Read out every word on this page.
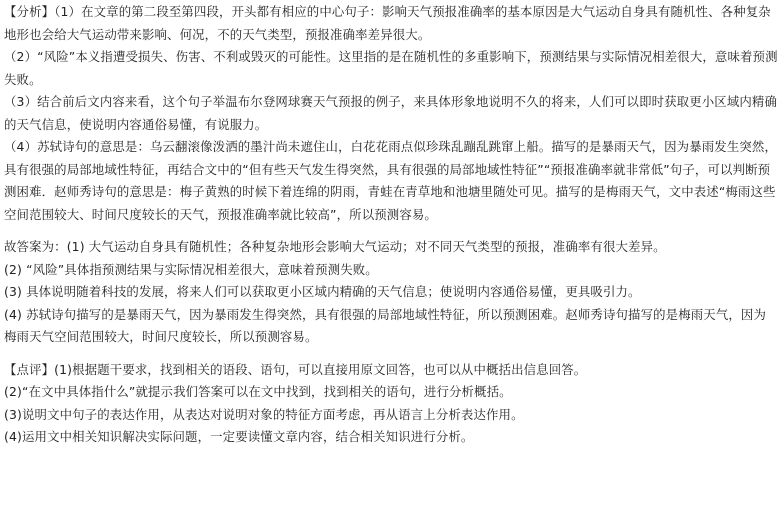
【分析】（1）在文章的第二段至第四段，开头都有相应的中心句子：影响天气预报准确率的基本原因是大气运动自身具有随机性、各种复杂地形也会给大气运动带来影响、何况，不的天气类型，预报准确率差异很大。

（2）“风险”本义指遭受损失、伤害、不利或毁灭的可能性。这里指的是在随机性的多重影响下，预测结果与实际情况相差很大，意味着预测失败。

（3）结合前后文内容来看，这个句子举温布尔登网球赛天气预报的例子，来具体形象地说明不久的将来，人们可以即时获取更小区域内精确的天气信息，使说明内容通俗易懂，有说服力。

（4）苏轼诗句的意思是：乌云翻滚像泼洒的墨汁尚未遮住山，白花花雨点似珍珠乱蹦乱跳窜上船。描写的是暴雨天气，因为暴雨发生突然，具有很强的局部地域性特征，再结合文中的“但有些天气发生得突然，具有很强的局部地域性特征”“预报准确率就非常低”句子，可以判断预测困难．赵师秀诗句的意思是：梅子黄熟的时候下着连绵的阴雨，青蛙在青草地和池塘里随处可见。描写的是梅雨天气，文中表述“梅雨这些空间范围较大、时间尺度较长的天气，预报准确率就比较高”，所以预测容易。

故答案为：(1) 大气运动自身具有随机性；各种复杂地形会影响大气运动；对不同天气类型的预报，准确率有很大差异。

(2) “风险”具体指预测结果与实际情况相差很大，意味着预测失败。

(3) 具体说明随着科技的发展，将来人们可以获取更小区域内精确的天气信息；使说明内容通俗易懂，更具吸引力。

(4) 苏轼诗句描写的是暴雨天气，因为暴雨发生得突然，具有很强的局部地域性特征，所以预测困难。赵师秀诗句描写的是梅雨天气，因为梅雨天气空间范围较大，时间尺度较长，所以预测容易。

【点评】(1)根据题干要求，找到相关的语段、语句，可以直接用原文回答，也可以从中概括出信息回答。

(2)“在文中具体指什么”就提示我们答案可以在文中找到，找到相关的语句，进行分析概括。

(3)说明文中句子的表达作用，从表达对说明对象的特征方面考虑，再从语言上分析表达作用。

(4)运用文中相关知识解决实际问题，一定要读懂文章内容，结合相关知识进行分析。
